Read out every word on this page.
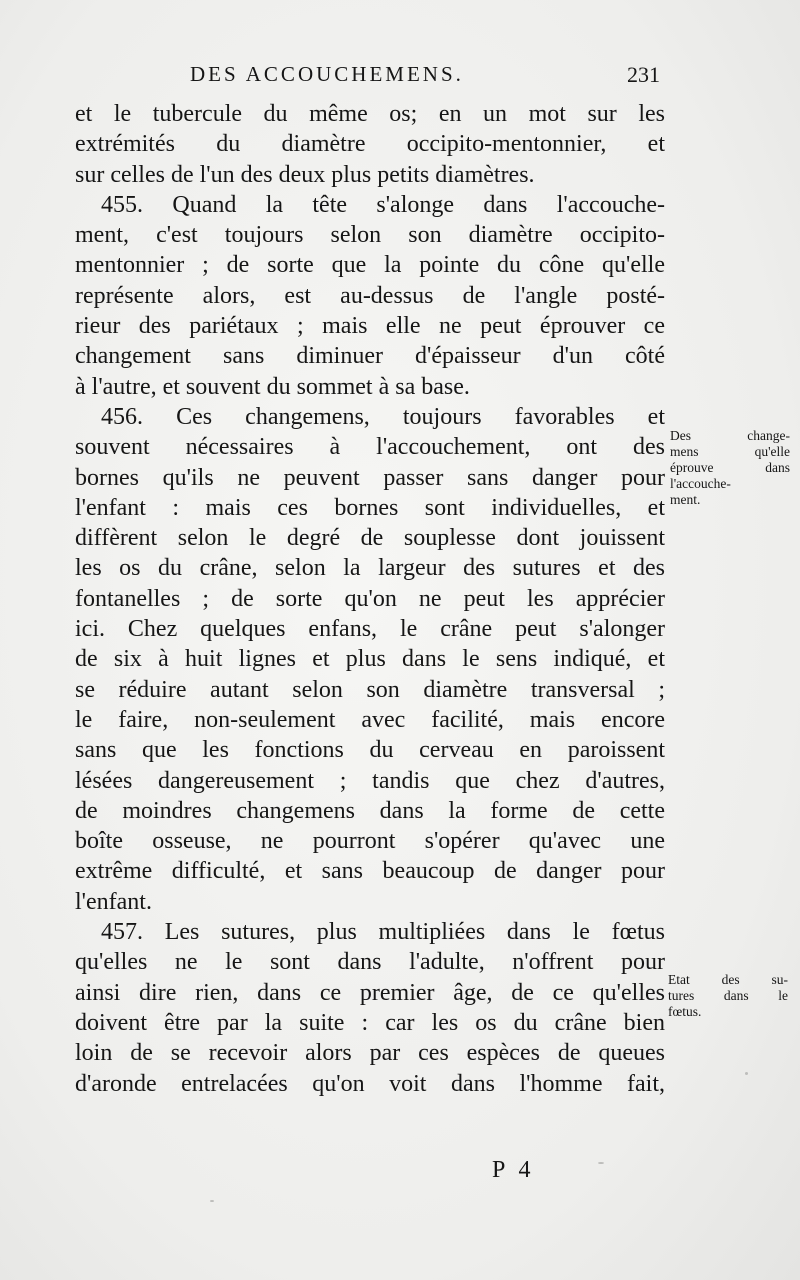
DES ACCOUCHEMENS.	231
et le tubercule du même os; en un mot sur les
extrémités du diamètre occipito-mentonnier, et
sur celles de l'un des deux plus petits diamètres.
455. Quand la tête s'alonge dans l'accouche-
ment, c'est toujours selon son diamètre occipito-
mentonnier ; de sorte que la pointe du cône qu'elle
représente alors, est au-dessus de l'angle posté-
rieur des pariétaux ; mais elle ne peut éprouver ce
changement sans diminuer d'épaisseur d'un côté
à l'autre, et souvent du sommet à sa base.
456. Ces changemens, toujours favorables et
souvent nécessaires à l'accouchement, ont des
bornes qu'ils ne peuvent passer sans danger pour
l'enfant : mais ces bornes sont individuelles, et
diffèrent selon le degré de souplesse dont jouissent
les os du crâne, selon la largeur des sutures et des
fontanelles ; de sorte qu'on ne peut les apprécier
ici. Chez quelques enfans, le crâne peut s'alonger
de six à huit lignes et plus dans le sens indiqué, et
se réduire autant selon son diamètre transversal ;
le faire, non-seulement avec facilité, mais encore
sans que les fonctions du cerveau en paroissent
lésées dangereusement ; tandis que chez d'autres,
de moindres changemens dans la forme de cette
boîte osseuse, ne pourront s'opérer qu'avec une
extrême difficulté, et sans beaucoup de danger pour
l'enfant.
457. Les sutures, plus multipliées dans le fœtus
qu'elles ne le sont dans l'adulte, n'offrent pour
ainsi dire rien, dans ce premier âge, de ce qu'elles
doivent être par la suite : car les os du crâne bien
loin de se recevoir alors par ces espèces de queues
d'aronde entrelacées qu'on voit dans l'homme fait,
Des change-
mens qu'elle
éprouve dans
l'accouche-
ment.
Etat des su-
tures dans le
fœtus.
P 4
